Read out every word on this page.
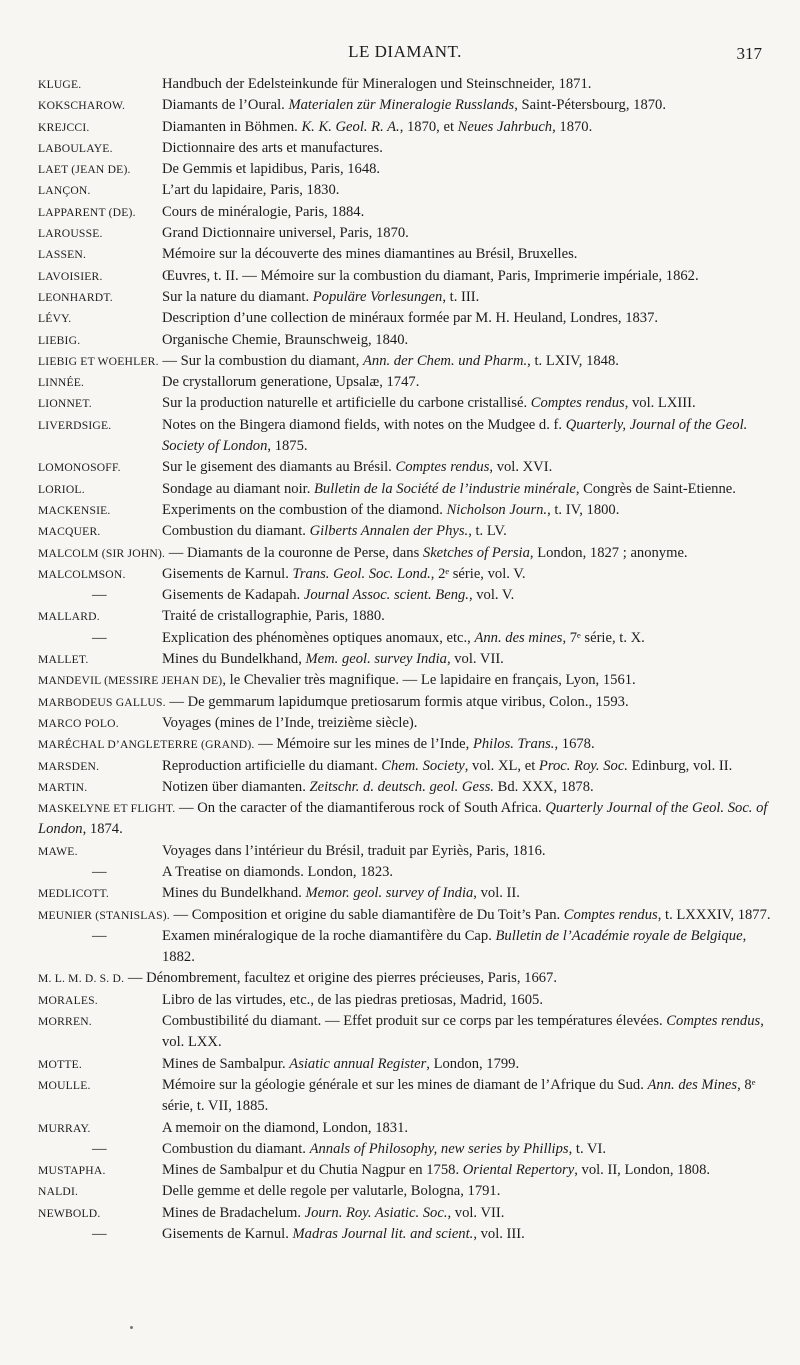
LE DIAMANT.	317
KLUGE.	Handbuch der Edelsteinkunde für Mineralogen und Steinschneider, 1871.
KOKSCHAROW.	Diamants de l’Oural. Materialen zür Mineralogie Russlands, Saint-Pétersbourg, 1870.
KREJCCI.	Diamanten in Böhmen. K. K. Geol. R. A., 1870, et Neues Jahrbuch, 1870.
LABOULAYE.	Dictionnaire des arts et manufactures.
LAET (JEAN DE). De Gemmis et lapidibus, Paris, 1648.
LANÇON.	L’art du lapidaire, Paris, 1830.
LAPPARENT (DE). Cours de minéralogie, Paris, 1884.
LAROUSSE.	Grand Dictionnaire universel, Paris, 1870.
LASSEN.	Mémoire sur la découverte des mines diamantines au Brésil, Bruxelles.
LAVOISIER.	Œuvres, t. II. — Mémoire sur la combustion du diamant, Paris, Imprimerie impériale, 1862.
LEONHARDT.	Sur la nature du diamant. Populäre Vorlesungen, t. III.
LÉVY.	Description d’une collection de minéraux formée par M. H. Heuland, Londres, 1837.
LIEBIG.	Organische Chemie, Braunschweig, 1840.
LIEBIG ET WOEHLER. — Sur la combustion du diamant, Ann. der Chem. und Pharm., t. LXIV, 1848.
LINNÉE.	De crystallorum generatione, Upsalæ, 1747.
LIONNET.	Sur la production naturelle et artificielle du carbone cristallisé. Comptes rendus, vol. LXIII.
LIVERDSIGE.	Notes on the Bingera diamond fields, with notes on the Mudgee d. f. Quarterly, Journal of the Geol. Society of London, 1875.
LOMONOSOFF.	Sur le gisement des diamants au Brésil. Comptes rendus, vol. XVI.
LORIOL.	Sondage au diamant noir. Bulletin de la Société de l’industrie minérale, Congrès de Saint-Etienne.
MACKENSIE.	Experiments on the combustion of the diamond. Nicholson Journ., t. IV, 1800.
MACQUER.	Combustion du diamant. Gilberts Annalen der Phys., t. LV.
MALCOLM (SIR JOHN). — Diamants de la couronne de Perse, dans Sketches of Persia, London, 1827 ; anonyme.
MALCOLMSON. Gisements de Karnul. Trans. Geol. Soc. Lond., 2ᵉ série, vol. V.
—	Gisements de Kadapah. Journal Assoc. scient. Beng., vol. V.
MALLARD.	Traité de cristallographie, Paris, 1880.
—	Explication des phénomènes optiques anomaux, etc., Ann. des mines, 7ᵉ série, t. X.
MALLET.	Mines du Bundelkhand, Mem. geol. survey India, vol. VII.
MANDEVIL (MESSIRE JEHAN DE), le Chevalier très magnifique. — Le lapidaire en français, Lyon, 1561.
MARBODEUS GALLUS. — De gemmarum lapidumque pretiosarum formis atque viribus, Colon., 1593.
MARCO POLO.	Voyages (mines de l’Inde, treizième siècle).
MARÉCHAL D’ANGLETERRE (GRAND). — Mémoire sur les mines de l’Inde, Philos. Trans., 1678.
MARSDEN.	Reproduction artificielle du diamant. Chem. Society, vol. XL, et Proc. Roy. Soc. Edinburg, vol. II.
MARTIN.	Notizen über diamanten. Zeitschr. d. deutsch. geol. Gess. Bd. XXX, 1878.
MASKELYNE ET FLIGHT. — On the caracter of the diamantiferous rock of South Africa. Quarterly Journal of the Geol. Soc. of London, 1874.
MAWE.	Voyages dans l’intérieur du Brésil, traduit par Eyriès, Paris, 1816.
—	A Treatise on diamonds. London, 1823.
MEDLICOTT.	Mines du Bundelkhand. Memor. geol. survey of India, vol. II.
MEUNIER (STANISLAS). — Composition et origine du sable diamantifère de Du Toit’s Pan. Comptes rendus, t. LXXXIV, 1877.
—	Examen minéralogique de la roche diamantifère du Cap. Bulletin de l’Académie royale de Belgique, 1882.
M. L. M. D. S. D. — Dénombrement, facultez et origine des pierres précieuses, Paris, 1667.
MORALES.	Libro de las virtudes, etc., de las piedras pretiosas, Madrid, 1605.
MORREN.	Combustibilité du diamant. — Effet produit sur ce corps par les températures élevées. Comptes rendus, vol. LXX.
MOTTE.	Mines de Sambalpur. Asiatic annual Register, London, 1799.
MOULLE.	Mémoire sur la géologie générale et sur les mines de diamant de l’Afrique du Sud. Ann. des Mines, 8ᵉ série, t. VII, 1885.
MURRAY.	A memoir on the diamond, London, 1831.
—	Combustion du diamant. Annals of Philosophy, new series by Phillips, t. VI.
MUSTAPHA.	Mines de Sambalpur et du Chutia Nagpur en 1758. Oriental Repertory, vol. II, London, 1808.
NALDI.	Delle gemme et delle regole per valutarle, Bologna, 1791.
NEWBOLD.	Mines de Bradachelum. Journ. Roy. Asiatic. Soc., vol. VII.
—	Gisements de Karnul. Madras Journal lit. and scient., vol. III.
